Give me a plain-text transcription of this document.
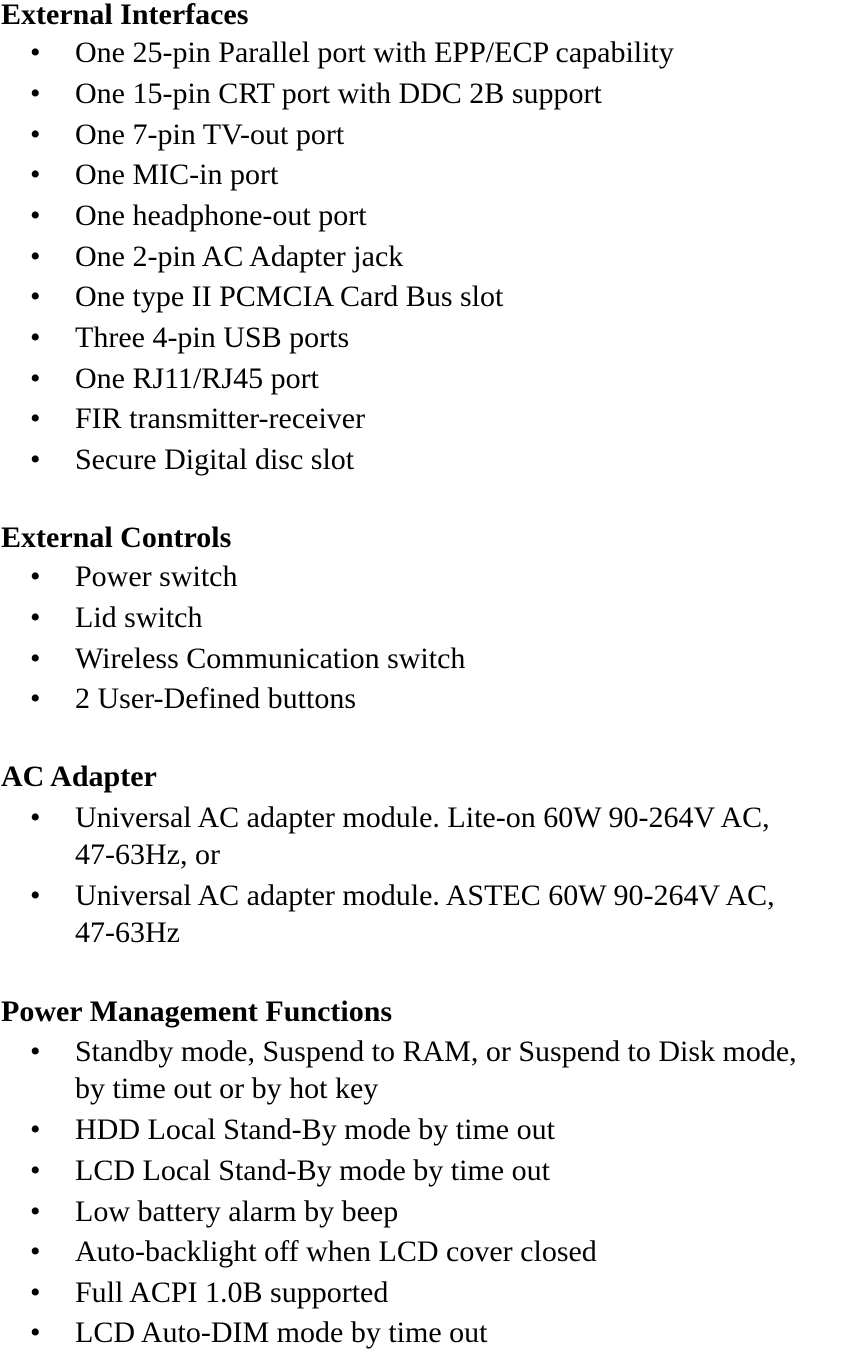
External Interfaces
• One 25-pin Parallel port with EPP/ECP capability
• One 15-pin CRT port with DDC 2B support
• One 7-pin TV-out port
• One MIC-in port
• One headphone-out port
• One 2-pin AC Adapter jack
• One type II PCMCIA Card Bus slot
• Three 4-pin USB ports
• One RJ11/RJ45 port
• FIR transmitter-receiver
• Secure Digital disc slot
External Controls
• Power switch
• Lid switch
• Wireless Communication switch
• 2 User-Defined buttons
AC Adapter
• Universal AC adapter module. Lite-on 60W 90-264V AC,
47-63Hz, or
• Universal AC adapter module. ASTEC 60W 90-264V AC,
47-63Hz
Power Management Functions
• Standby mode, Suspend to RAM, or Suspend to Disk mode,
by time out or by hot key
• HDD Local Stand-By mode by time out
• LCD Local Stand-By mode by time out
• Low battery alarm by beep
• Auto-backlight off when LCD cover closed
• Full ACPI 1.0B supported
• LCD Auto-DIM mode by time out
